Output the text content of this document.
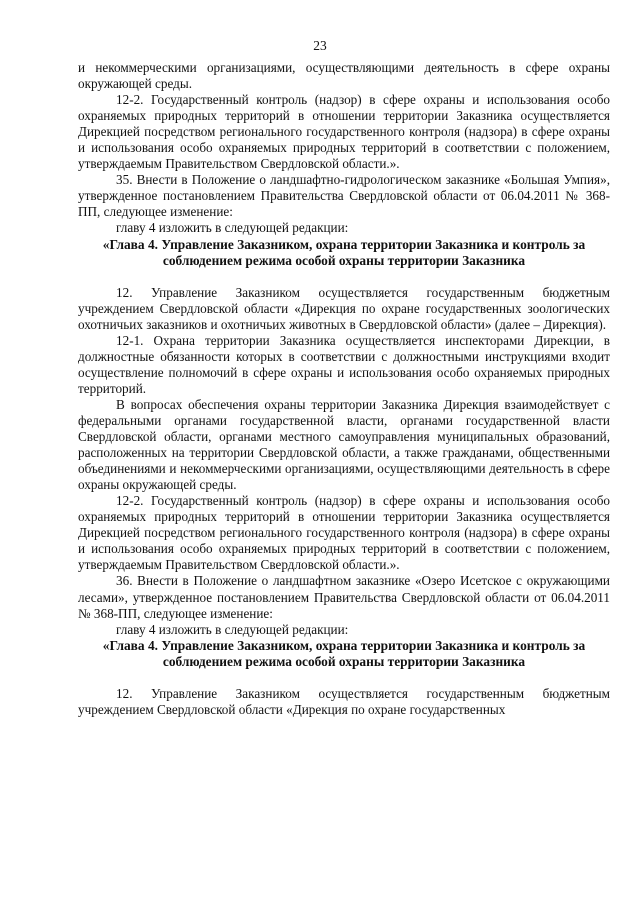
23

и некоммерческими организациями, осуществляющими деятельность в сфере охраны окружающей среды.

12-2. Государственный контроль (надзор) в сфере охраны и использования особо охраняемых природных территорий в отношении территории Заказника осуществляется Дирекцией посредством регионального государственного контроля (надзора) в сфере охраны и использования особо охраняемых природных территорий в соответствии с положением, утверждаемым Правительством Свердловской области.».

35. Внести в Положение о ландшафтно-гидрологическом заказнике «Большая Умпия», утвержденное постановлением Правительства Свердловской области от 06.04.2011 № 368-ПП, следующее изменение:

главу 4 изложить в следующей редакции:

«Глава 4. Управление Заказником, охрана территории Заказника и контроль за соблюдением режима особой охраны территории Заказника

12. Управление Заказником осуществляется государственным бюджетным учреждением Свердловской области «Дирекция по охране государственных зоологических охотничьих заказников и охотничьих животных в Свердловской области» (далее – Дирекция).

12-1. Охрана территории Заказника осуществляется инспекторами Дирекции, в должностные обязанности которых в соответствии с должностными инструкциями входит осуществление полномочий в сфере охраны и использования особо охраняемых природных территорий.

В вопросах обеспечения охраны территории Заказника Дирекция взаимодействует с федеральными органами государственной власти, органами государственной власти Свердловской области, органами местного самоуправления муниципальных образований, расположенных на территории Свердловской области, а также гражданами, общественными объединениями и некоммерческими организациями, осуществляющими деятельность в сфере охраны окружающей среды.

12-2. Государственный контроль (надзор) в сфере охраны и использования особо охраняемых природных территорий в отношении территории Заказника осуществляется Дирекцией посредством регионального государственного контроля (надзора) в сфере охраны и использования особо охраняемых природных территорий в соответствии с положением, утверждаемым Правительством Свердловской области.».

36. Внести в Положение о ландшафтном заказнике «Озеро Исетское с окружающими лесами», утвержденное постановлением Правительства Свердловской области от 06.04.2011 № 368-ПП, следующее изменение:

главу 4 изложить в следующей редакции:

«Глава 4. Управление Заказником, охрана территории Заказника и контроль за соблюдением режима особой охраны территории Заказника

12. Управление Заказником осуществляется государственным бюджетным учреждением Свердловской области «Дирекция по охране государственных
